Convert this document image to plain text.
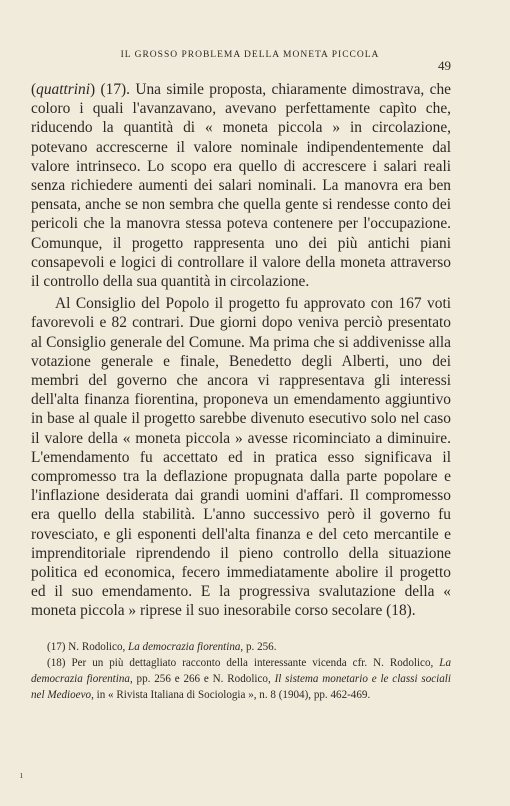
IL GROSSO PROBLEMA DELLA MONETA PICCOLA
49

(quattrini) (17). Una simile proposta, chiaramente dimostrava, che coloro i quali l'avanzavano, avevano perfettamente capìto che, riducendo la quantità di « moneta piccola » in circolazione, potevano accrescerne il valore nominale indipendentemente dal valore intrinseco. Lo scopo era quello di accrescere i salari reali senza richiedere aumenti dei salari nominali. La manovra era ben pensata, anche se non sembra che quella gente si rendesse conto dei pericoli che la manovra stessa poteva contenere per l'occupazione. Comunque, il progetto rappresenta uno dei più antichi piani consapevoli e logici di controllare il valore della moneta attraverso il controllo della sua quantità in circolazione.

Al Consiglio del Popolo il progetto fu approvato con 167 voti favorevoli e 82 contrari. Due giorni dopo veniva perciò presentato al Consiglio generale del Comune. Ma prima che si addivenisse alla votazione generale e finale, Benedetto degli Alberti, uno dei membri del governo che ancora vi rappresentava gli interessi dell'alta finanza fiorentina, proponeva un emendamento aggiuntivo in base al quale il progetto sarebbe divenuto esecutivo solo nel caso il valore della « moneta piccola » avesse ricominciato a diminuire. L'emendamento fu accettato ed in pratica esso significava il compromesso tra la deflazione propugnata dalla parte popolare e l'inflazione desiderata dai grandi uomini d'affari. Il compromesso era quello della stabilità. L'anno successivo però il governo fu rovesciato, e gli esponenti dell'alta finanza e del ceto mercantile e imprenditoriale riprendendo il pieno controllo della situazione politica ed economica, fecero immediatamente abolire il progetto ed il suo emendamento. E la progressiva svalutazione della « moneta piccola » riprese il suo inesorabile corso secolare (18).

(17) N. Rodolico, La democrazia fiorentina, p. 256.

(18) Per un più dettagliato racconto della interessante vicenda cfr. N. Rodolico, La democrazia fiorentina, pp. 256 e 266 e N. Rodolico, Il sistema monetario e le classi sociali nel Medioevo, in « Rivista Italiana di Sociologia », n. 8 (1904), pp. 462-469.

ı
